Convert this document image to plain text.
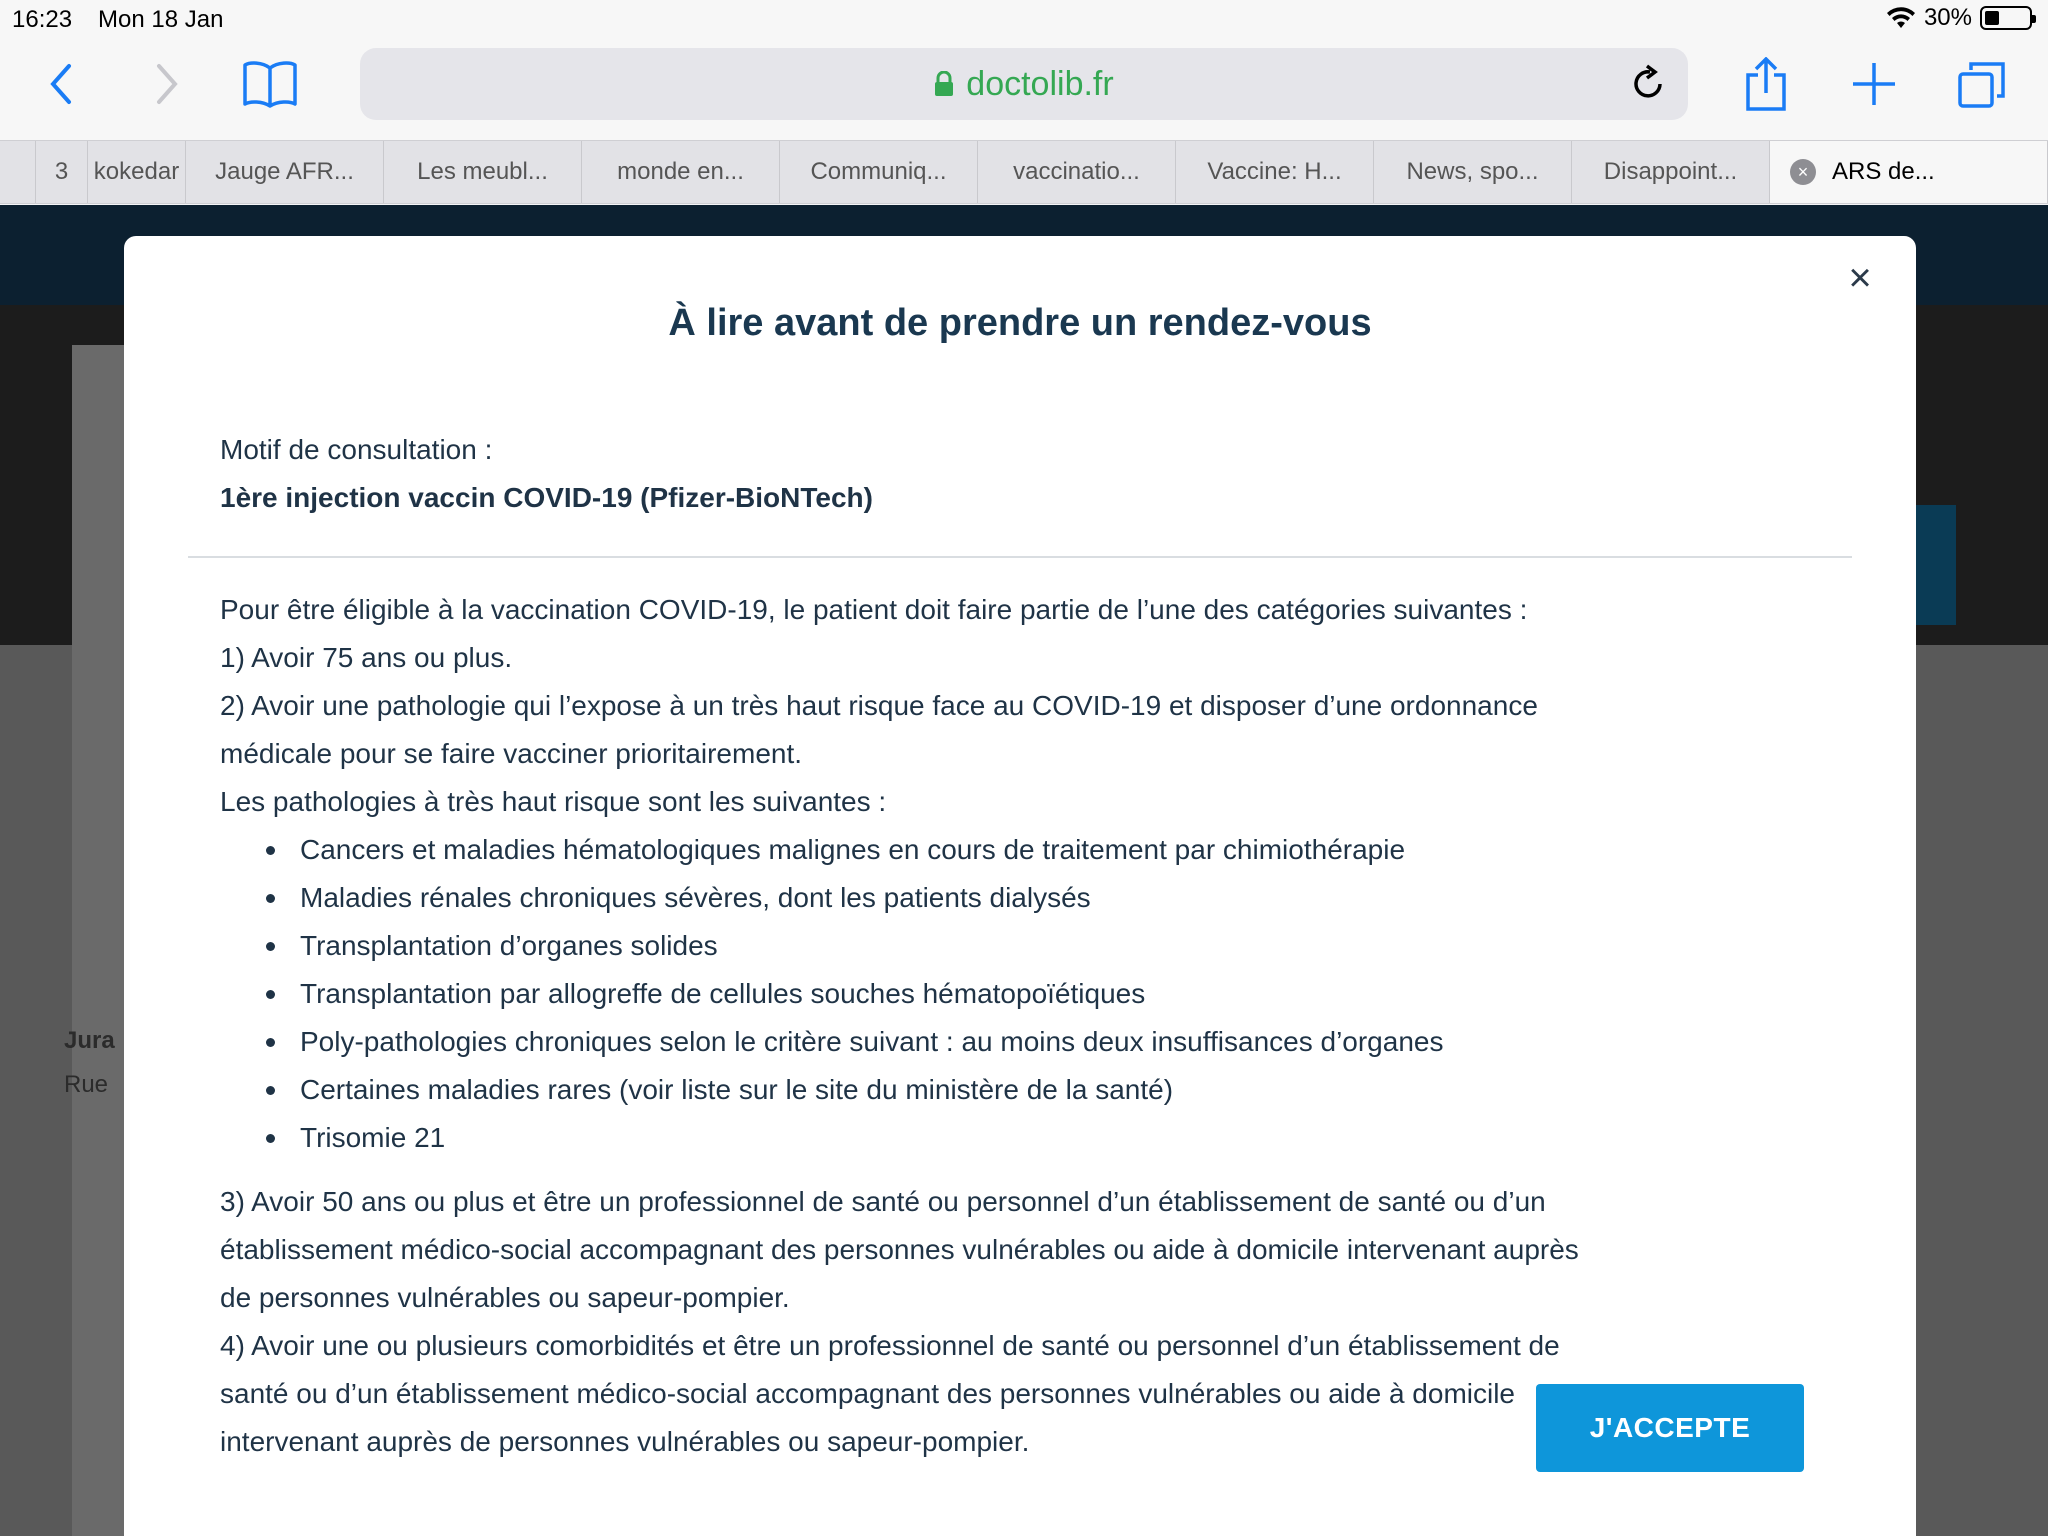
16:23 Mon 18 Jan	30%
doctolib.fr
3	kokedar	Jauge AFR...	Les meubl...	monde en...	Communiq...	vaccinatio...	Vaccine: H...	News, spo...	Disappoint...	× ARS de...
Jura
Rue
×
À lire avant de prendre un rendez-vous
Motif de consultation :
1ère injection vaccin COVID-19 (Pfizer-BioNTech)

Pour être éligible à la vaccination COVID-19, le patient doit faire partie de l’une des catégories suivantes :

1) Avoir 75 ans ou plus.

2) Avoir une pathologie qui l’expose à un très haut risque face au COVID-19 et disposer d’une ordonnance médicale pour se faire vacciner prioritairement.

Les pathologies à très haut risque sont les suivantes :

Cancers et maladies hématologiques malignes en cours de traitement par chimiothérapie
Maladies rénales chroniques sévères, dont les patients dialysés
Transplantation d’organes solides
Transplantation par allogreffe de cellules souches hématopoïétiques
Poly-pathologies chroniques selon le critère suivant : au moins deux insuffisances d’organes
Certaines maladies rares (voir liste sur le site du ministère de la santé)
Trisomie 21

3) Avoir 50 ans ou plus et être un professionnel de santé ou personnel d’un établissement de santé ou d’un établissement médico-social accompagnant des personnes vulnérables ou aide à domicile intervenant auprès de personnes vulnérables ou sapeur-pompier.

4) Avoir une ou plusieurs comorbidités et être un professionnel de santé ou personnel d’un établissement de santé ou d’un établissement médico-social accompagnant des personnes vulnérables ou aide à domicile intervenant auprès de personnes vulnérables ou sapeur-pompier.	J'ACCEPTE
